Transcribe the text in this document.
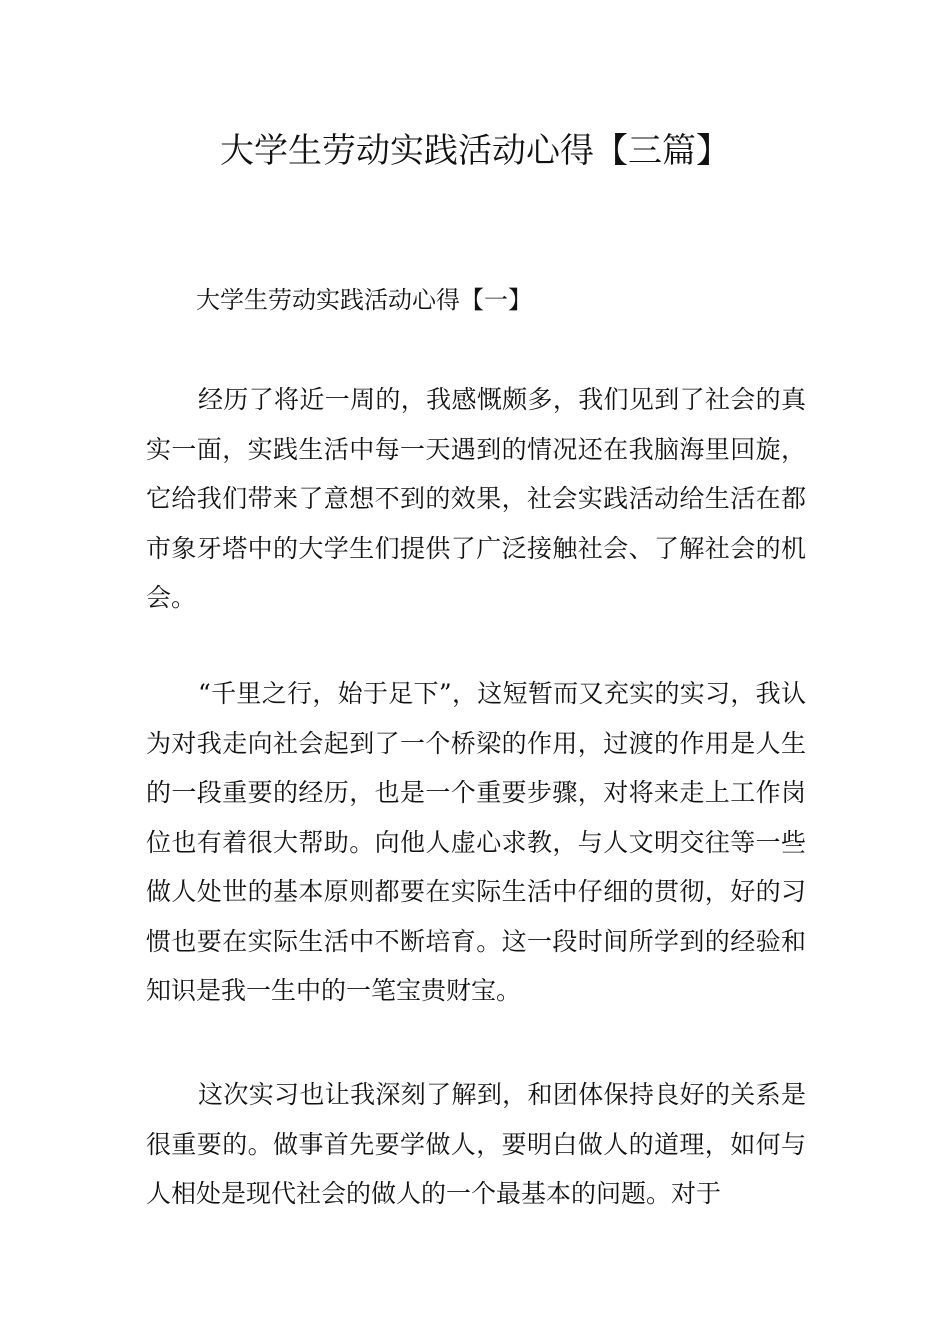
大学生劳动实践活动心得【三篇】
大学生劳动实践活动心得【一】

经历了将近一周的，我感慨颇多，我们见到了社会的真实一面，实践生活中每一天遇到的情况还在我脑海里回旋，它给我们带来了意想不到的效果，社会实践活动给生活在都市象牙塔中的大学生们提供了广泛接触社会、了解社会的机会。

“千里之行，始于足下”，这短暂而又充实的实习，我认为对我走向社会起到了一个桥梁的作用，过渡的作用是人生的一段重要的经历，也是一个重要步骤，对将来走上工作岗位也有着很大帮助。向他人虚心求教，与人文明交往等一些做人处世的基本原则都要在实际生活中仔细的贯彻，好的习惯也要在实际生活中不断培育。这一段时间所学到的经验和知识是我一生中的一笔宝贵财宝。

这次实习也让我深刻了解到，和团体保持良好的关系是很重要的。做事首先要学做人，要明白做人的道理，如何与人相处是现代社会的做人的一个最基本的问题。对于
